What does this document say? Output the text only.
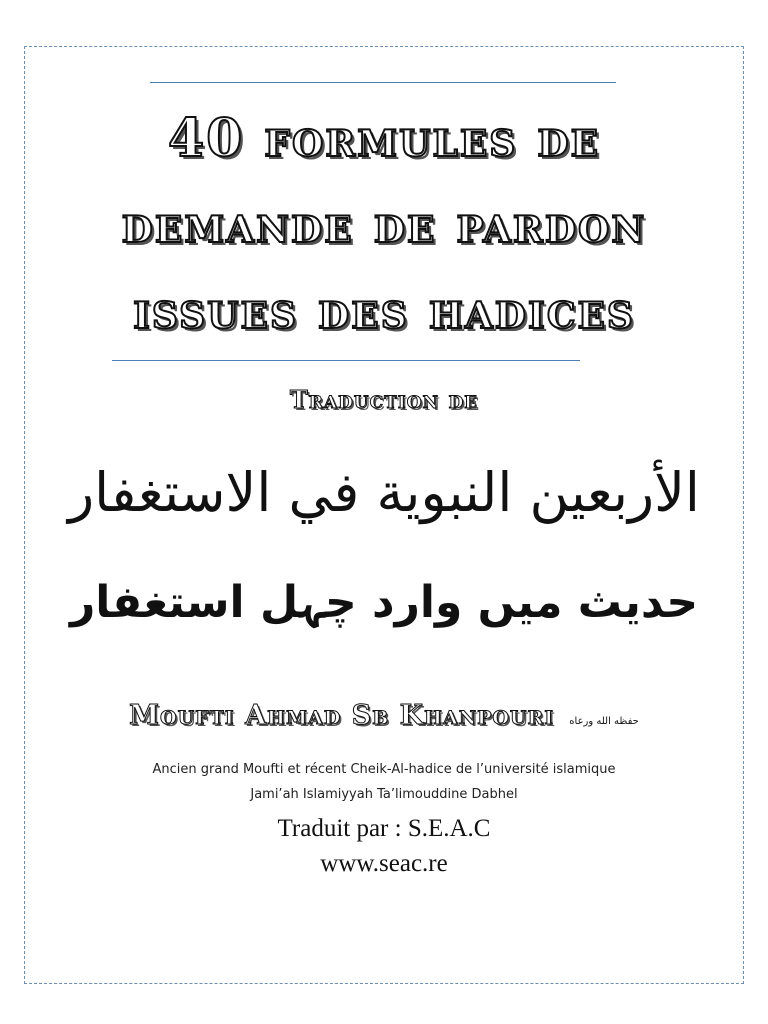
40 formules de
demande de pardon
issues des hadices
Traduction de
الأربعين النبوية في الاستغفار
حدیث میں وارد چہل استغفار
Moufti Ahmad Sb Khanpouri حفظه الله ورعاه
Ancien grand Moufti et récent Cheik-Al-hadice de l’université islamique
Jami’ah Islamiyyah Ta’limouddine Dabhel
Traduit par : S.E.A.C
www.seac.re
